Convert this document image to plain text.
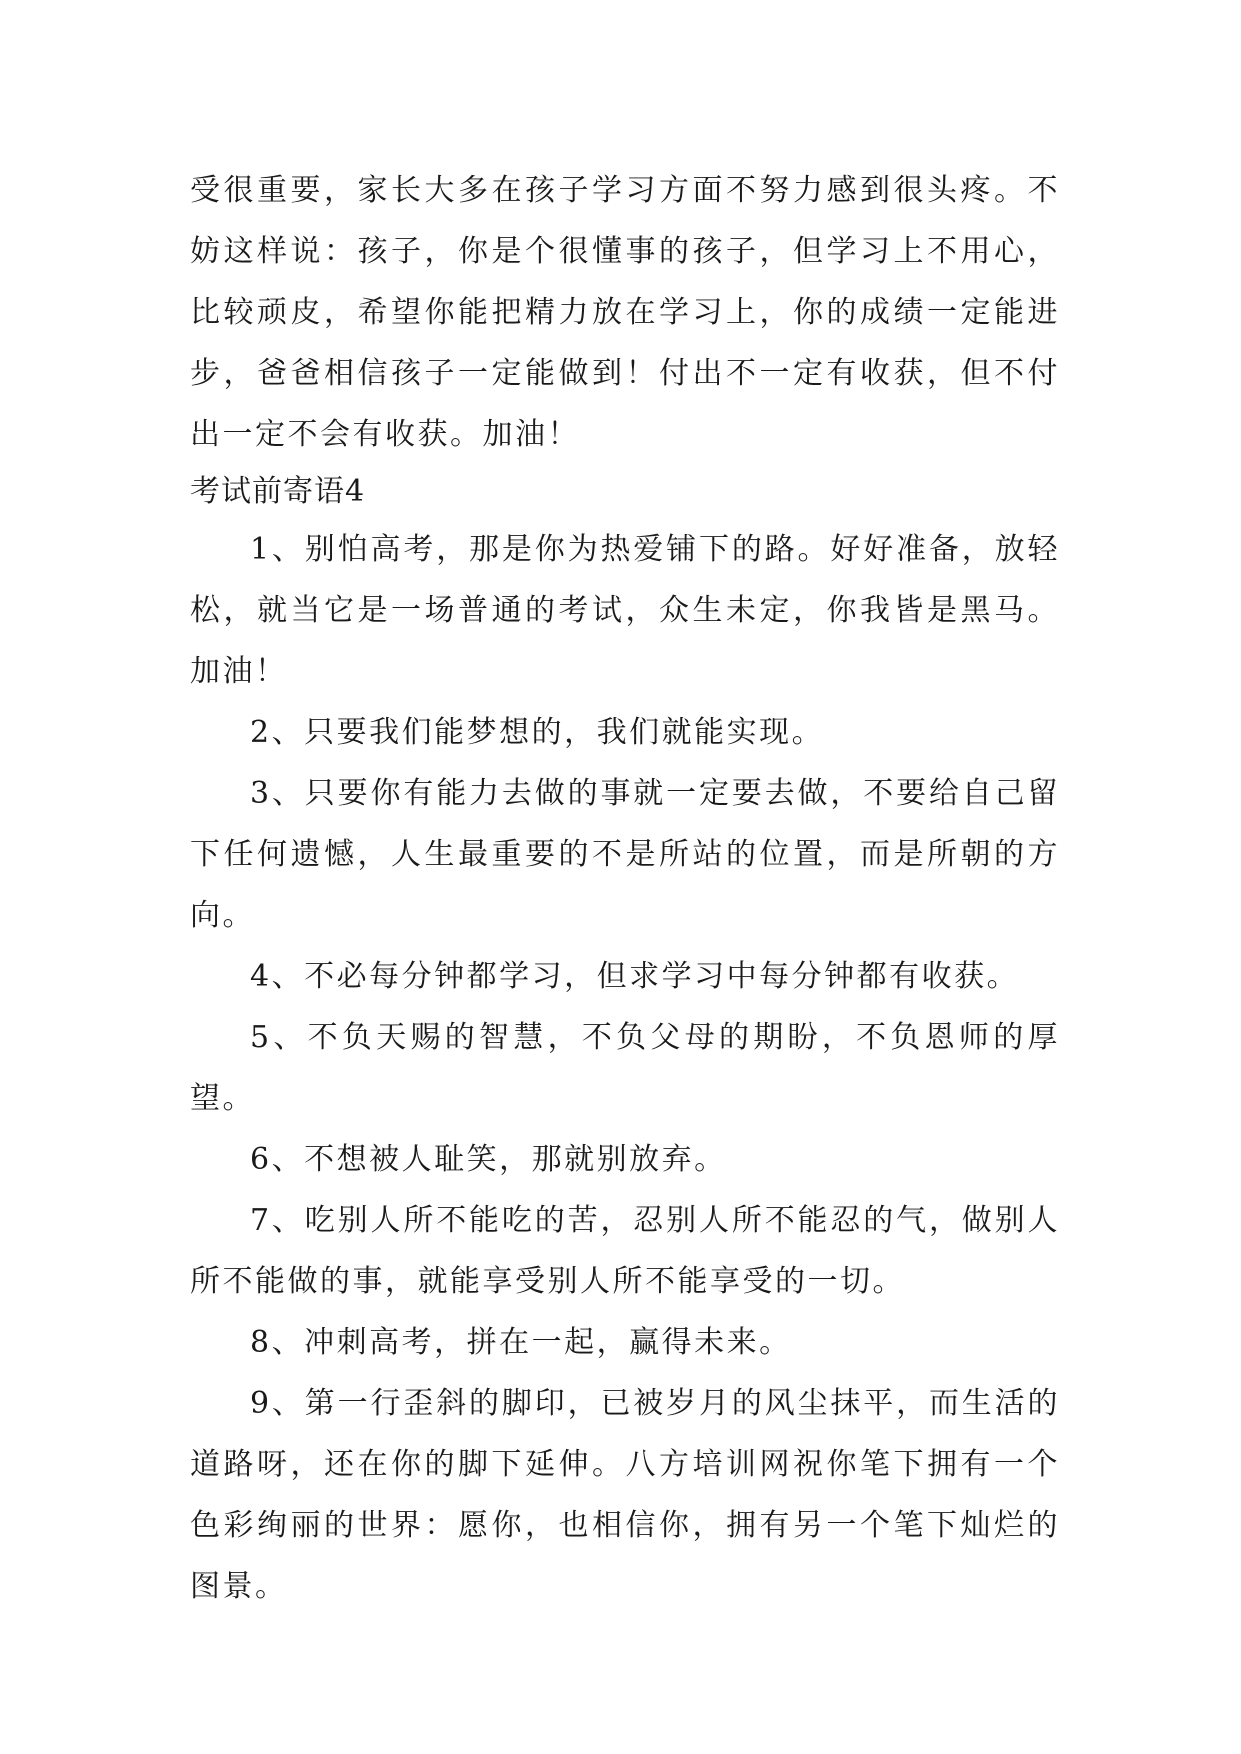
受很重要，家长大多在孩子学习方面不努力感到很头疼。不妨这样说：孩子，你是个很懂事的孩子，但学习上不用心，比较顽皮，希望你能把精力放在学习上，你的成绩一定能进步，爸爸相信孩子一定能做到！付出不一定有收获，但不付出一定不会有收获。加油！

考试前寄语4

1、别怕高考，那是你为热爱铺下的路。好好准备，放轻松，就当它是一场普通的考试，众生未定，你我皆是黑马。加油！

2、只要我们能梦想的，我们就能实现。

3、只要你有能力去做的事就一定要去做，不要给自己留下任何遗憾，人生最重要的不是所站的位置，而是所朝的方向。

4、不必每分钟都学习，但求学习中每分钟都有收获。

5、不负天赐的智慧，不负父母的期盼，不负恩师的厚望。

6、不想被人耻笑，那就别放弃。

7、吃别人所不能吃的苦，忍别人所不能忍的气，做别人所不能做的事，就能享受别人所不能享受的一切。

8、冲刺高考，拼在一起，赢得未来。

9、第一行歪斜的脚印，已被岁月的风尘抹平，而生活的道路呀，还在你的脚下延伸。八方培训网祝你笔下拥有一个色彩绚丽的世界：愿你，也相信你，拥有另一个笔下灿烂的图景。
